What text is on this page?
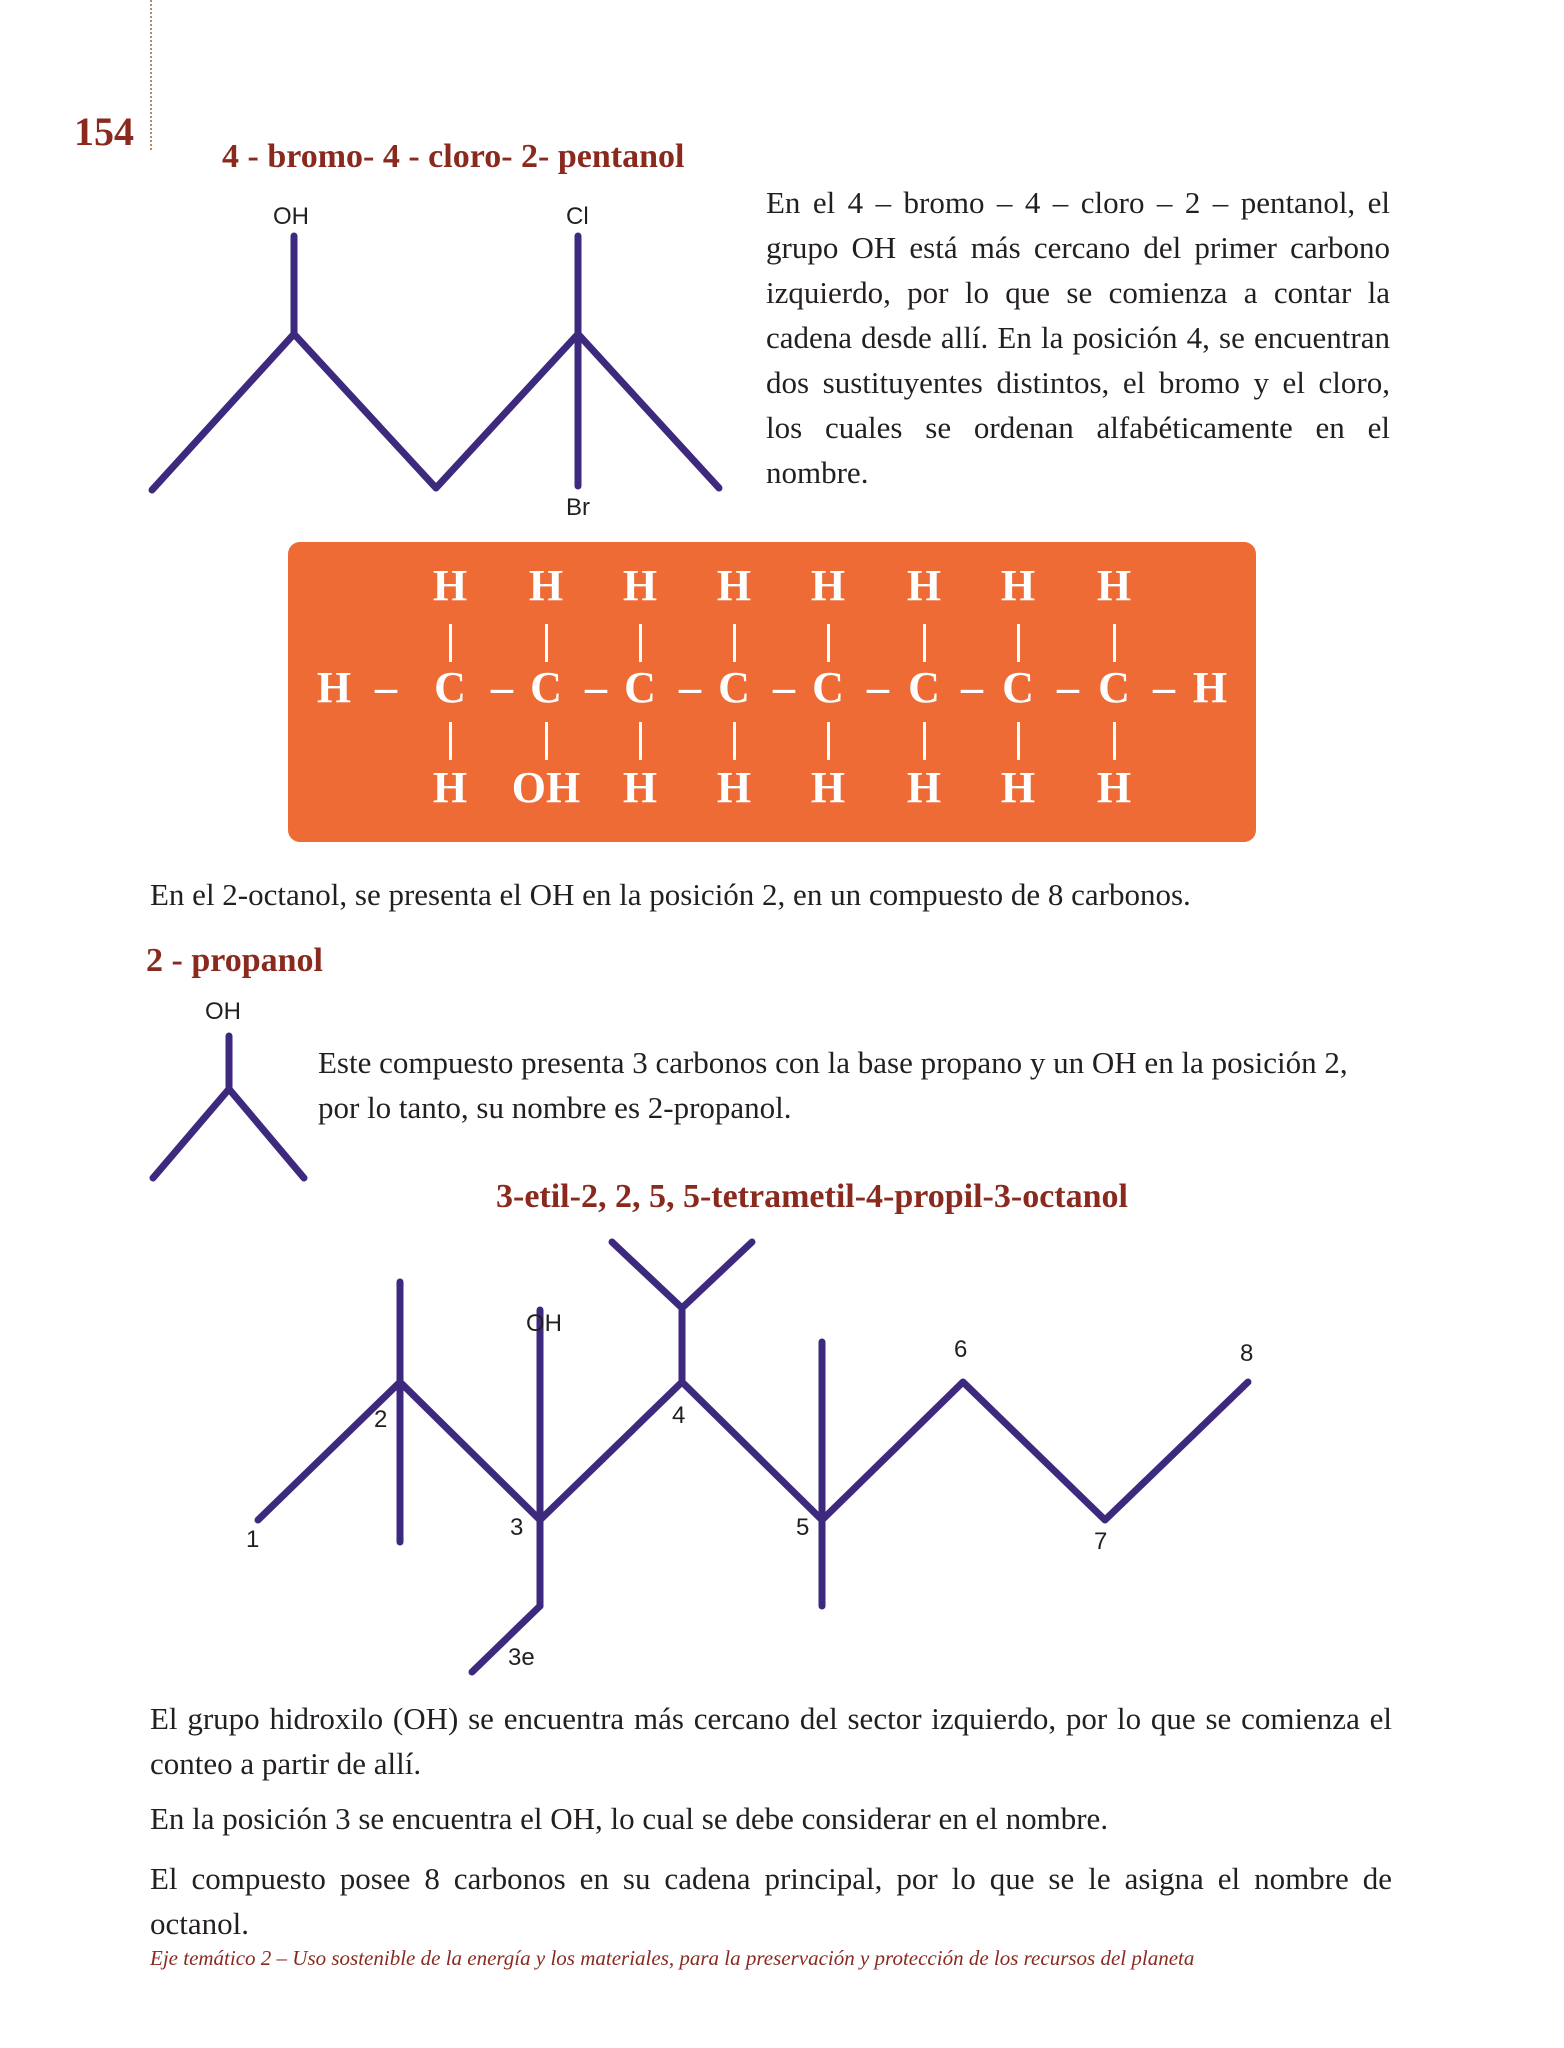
154
4 - bromo- 4 - cloro- 2- pentanol
OH	Cl
Br
En el 4 – bromo – 4 – cloro – 2 – pentanol, el grupo OH está más cercano del primer carbono izquierdo, por lo que se comienza a contar la cadena desde allí. En la posición 4, se encuentran dos sustituyentes distintos, el bromo y el cloro, los cuales se ordenan alfabéticamente en el nombre.
H H H H H H H H
H – C – C – C – C – C – C – C – C – H
H OH H H H H H H
En el 2-octanol, se presenta el OH en la posición 2, en un compuesto de 8 carbonos.
2 - propanol
OH
Este compuesto presenta 3 carbonos con la base propano y un OH en la posición 2, por lo tanto, su nombre es 2-propanol.
3-etil-2, 2, 5, 5-tetrametil-4-propil-3-octanol
OH
1
2
3
4
5
6
7
8
3e
El grupo hidroxilo (OH) se encuentra más cercano del sector izquierdo, por lo que se comienza el conteo a partir de allí.
En la posición 3 se encuentra el OH, lo cual se debe considerar en el nombre.
El compuesto posee 8 carbonos en su cadena principal, por lo que se le asigna el nombre de octanol.
Eje temático 2 – Uso sostenible de la energía y los materiales, para la preservación y protección de los recursos del planeta
